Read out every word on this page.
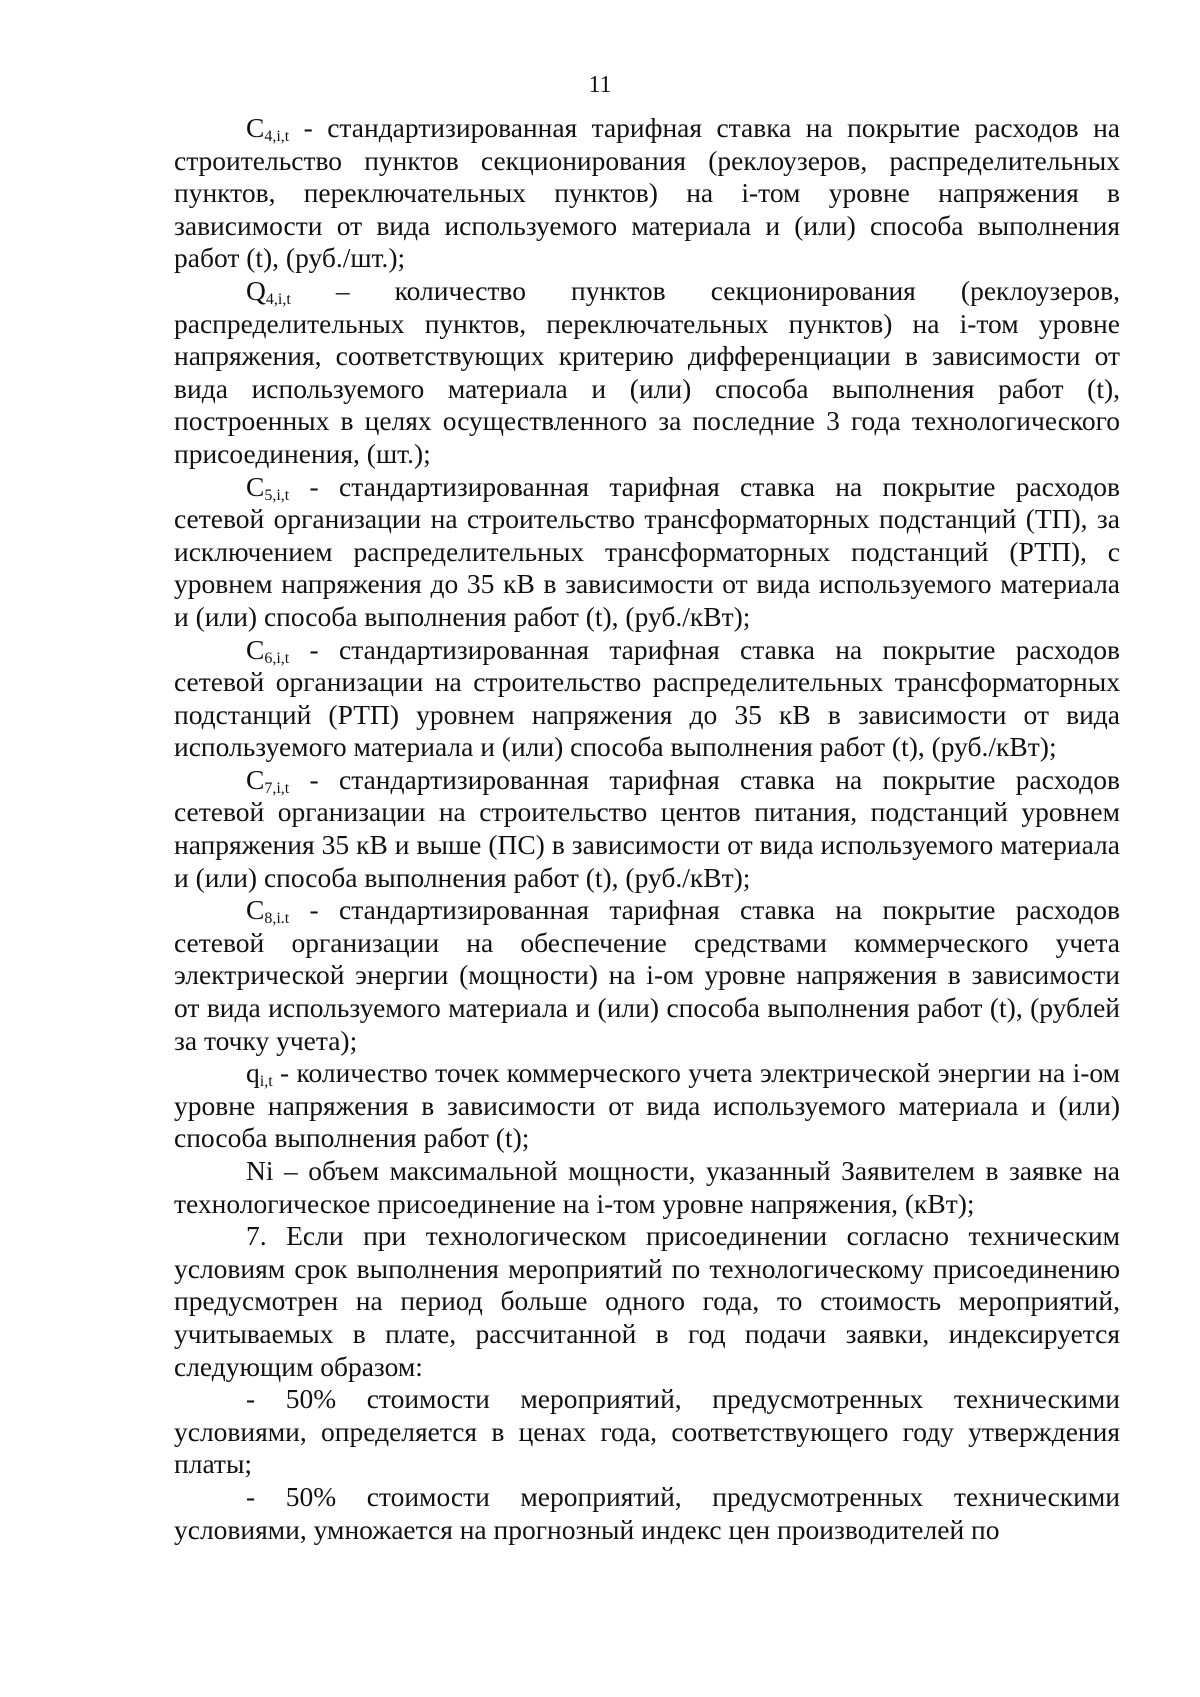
11

$C_{4,i,t}$ - стандартизированная тарифная ставка на покрытие расходов на строительство пунктов секционирования (реклоузеров, распределительных пунктов, переключательных пунктов) на i-том уровне напряжения в зависимости от вида используемого материала и (или) способа выполнения работ (t), (руб./шт.);

$Q_{4,i,t}$ – количество пунктов секционирования (реклоузеров, распределительных пунктов, переключательных пунктов) на i-том уровне напряжения, соответствующих критерию дифференциации в зависимости от вида используемого материала и (или) способа выполнения работ (t), построенных в целях осуществленного за последние 3 года технологического присоединения, (шт.);

$C_{5,i,t}$ - стандартизированная тарифная ставка на покрытие расходов сетевой организации на строительство трансформаторных подстанций (ТП), за исключением распределительных трансформаторных подстанций (РТП), с уровнем напряжения до 35 кВ в зависимости от вида используемого материала и (или) способа выполнения работ (t), (руб./кВт);

$C_{6,i,t}$ - стандартизированная тарифная ставка на покрытие расходов сетевой организации на строительство распределительных трансформаторных подстанций (РТП) уровнем напряжения до 35 кВ в зависимости от вида используемого материала и (или) способа выполнения работ (t), (руб./кВт);

$C_{7,i,t}$ - стандартизированная тарифная ставка на покрытие расходов сетевой организации на строительство центов питания, подстанций уровнем напряжения 35 кВ и выше (ПС) в зависимости от вида используемого материала и (или) способа выполнения работ (t), (руб./кВт);

$C_{8,i.t}$ - стандартизированная тарифная ставка на покрытие расходов сетевой организации на обеспечение средствами коммерческого учета электрической энергии (мощности) на i-ом уровне напряжения в зависимости от вида используемого материала и (или) способа выполнения работ (t), (рублей за точку учета);

$q_{i,t}$ - количество точек коммерческого учета электрической энергии на i-ом уровне напряжения в зависимости от вида используемого материала и (или) способа выполнения работ (t);

Ni – объем максимальной мощности, указанный Заявителем в заявке на технологическое присоединение на i-том уровне напряжения, (кВт);

7. Если при технологическом присоединении согласно техническим условиям срок выполнения мероприятий по технологическому присоединению предусмотрен на период больше одного года, то стоимость мероприятий, учитываемых в плате, рассчитанной в год подачи заявки, индексируется следующим образом:

- 50% стоимости мероприятий, предусмотренных техническими условиями, определяется в ценах года, соответствующего году утверждения платы;

- 50% стоимости мероприятий, предусмотренных техническими условиями, умножается на прогнозный индекс цен производителей по
